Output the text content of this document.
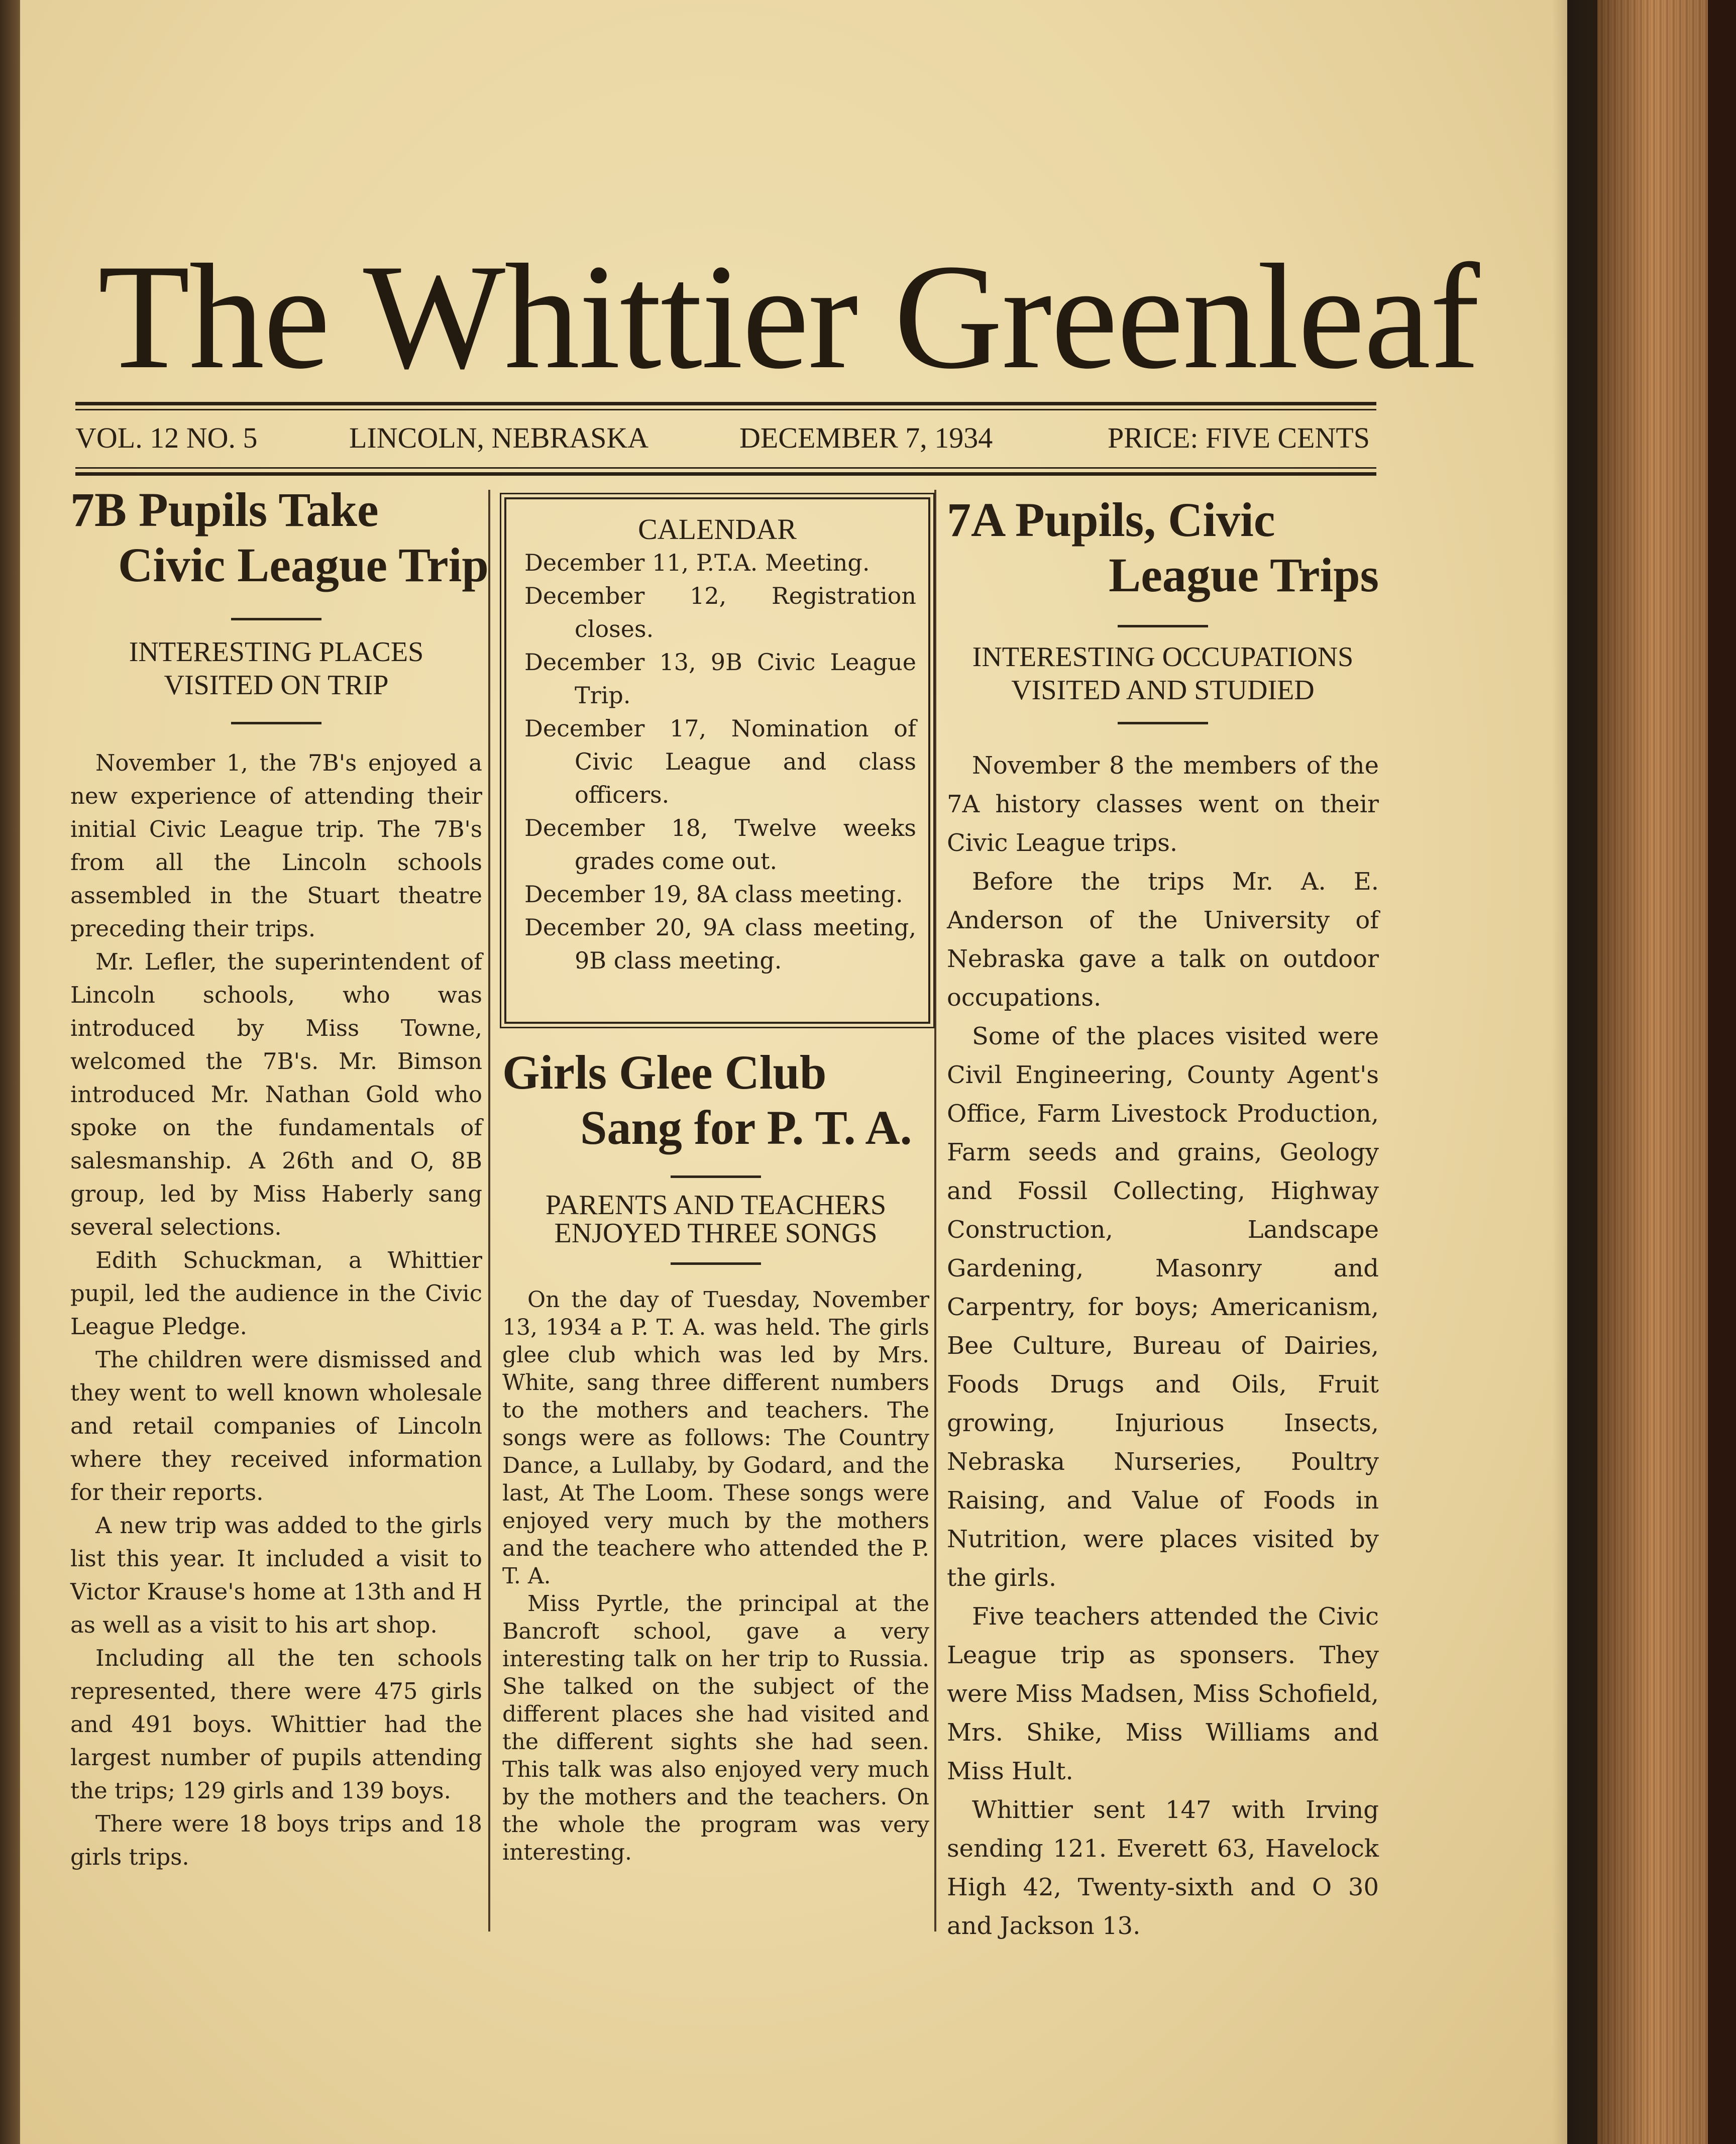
The Whittier Greenleaf
VOL. 12 NO. 5	LINCOLN, NEBRASKA	DECEMBER 7, 1934	PRICE: FIVE CENTS
7B Pupils Take
Civic League Trip
INTERESTING PLACES VISITED ON TRIP

November 1, the 7B's enjoyed a new experience of attending their initial Civic League trip. The 7B's from all the Lincoln schools assembled in the Stuart theatre preceding their trips.

Mr. Lefler, the superintendent of Lincoln schools, who was introduced by Miss Towne, welcomed the 7B's. Mr. Bimson introduced Mr. Nathan Gold who spoke on the fundamentals of salesmanship. A 26th and O, 8B group, led by Miss Haberly sang several selections.

Edith Schuckman, a Whittier pupil, led the audience in the Civic League Pledge.

The children were dismissed and they went to well known wholesale and retail companies of Lincoln where they received information for their reports.

A new trip was added to the girls list this year. It included a visit to Victor Krause's home at 13th and H as well as a visit to his art shop.

Including all the ten schools represented, there were 475 girls and 491 boys. Whittier had the largest number of pupils attending the trips; 129 girls and 139 boys.

There were 18 boys trips and 18 girls trips.

CALENDAR
December 11, P.T.A. Meeting.
December 12, Registration closes.
December 13, 9B Civic League Trip.
December 17, Nomination of Civic League and class officers.
December 18, Twelve weeks grades come out.
December 19, 8A class meeting.
December 20, 9A class meeting, 9B class meeting.
Girls Glee Club
Sang for P. T. A.
PARENTS AND TEACHERS ENJOYED THREE SONGS

On the day of Tuesday, November 13, 1934 a P. T. A. was held. The girls glee club which was led by Mrs. White, sang three different numbers to the mothers and teachers. The songs were as follows: The Country Dance, a Lullaby, by Godard, and the last, At The Loom. These songs were enjoyed very much by the mothers and the teachere who attended the P. T. A.

Miss Pyrtle, the principal at the Bancroft school, gave a very interesting talk on her trip to Russia. She talked on the subject of the different places she had visited and the different sights she had seen. This talk was also enjoyed very much by the mothers and the teachers. On the whole the program was very interesting.

7A Pupils, Civic
League Trips
INTERESTING OCCUPATIONS VISITED AND STUDIED

November 8 the members of the 7A history classes went on their Civic League trips.

Before the trips Mr. A. E. Anderson of the University of Nebraska gave a talk on outdoor occupations.

Some of the places visited were Civil Engineering, County Agent's Office, Farm Livestock Production, Farm seeds and grains, Geology and Fossil Collecting, Highway Construction, Landscape Gardening, Masonry and Carpentry, for boys; Americanism, Bee Culture, Bureau of Dairies, Foods Drugs and Oils, Fruit growing, Injurious Insects, Nebraska Nurseries, Poultry Raising, and Value of Foods in Nutrition, were places visited by the girls.

Five teachers attended the Civic League trip as sponsers. They were Miss Madsen, Miss Schofield, Mrs. Shike, Miss Williams and Miss Hult.

Whittier sent 147 with Irving sending 121. Everett 63, Havelock High 42, Twenty-sixth and O 30 and Jackson 13.
